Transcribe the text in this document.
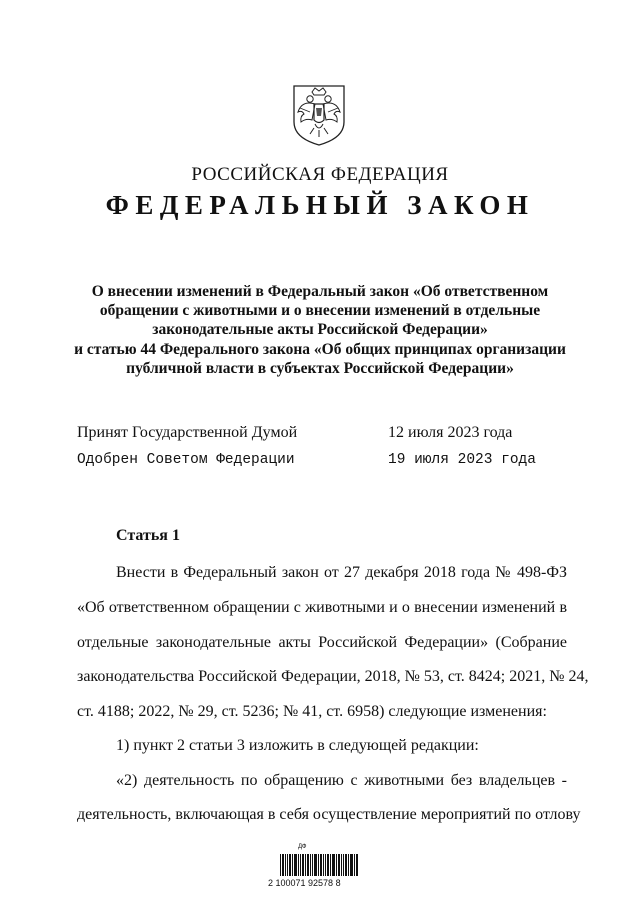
РОССИЙСКАЯ ФЕДЕРАЦИЯ
ФЕДЕРАЛЬНЫЙ ЗАКОН
О внесении изменений в Федеральный закон «Об ответственном
обращении с животными и о внесении изменений в отдельные
законодательные акты Российской Федерации»
и статью 44 Федерального закона «Об общих принципах организации
публичной власти в субъектах Российской Федерации»
Принят Государственной Думой	12 июля 2023 года
Одобрен Советом Федерации	19 июля 2023 года
Статья 1
Внести в Федеральный закон от 27 декабря 2018 года № 498-ФЗ
«Об ответственном обращении с животными и о внесении изменений в
отдельные законодательные акты Российской Федерации» (Собрание
законодательства Российской Федерации, 2018, № 53, ст. 8424; 2021, № 24,
ст. 4188; 2022, № 29, ст. 5236; № 41, ст. 6958) следующие изменения:
1) пункт 2 статьи 3 изложить в следующей редакции:
«2) деятельность по обращению с животными без владельцев -
деятельность, включающая в себя осуществление мероприятий по отлову
ДФ
2 100071 92578 8
